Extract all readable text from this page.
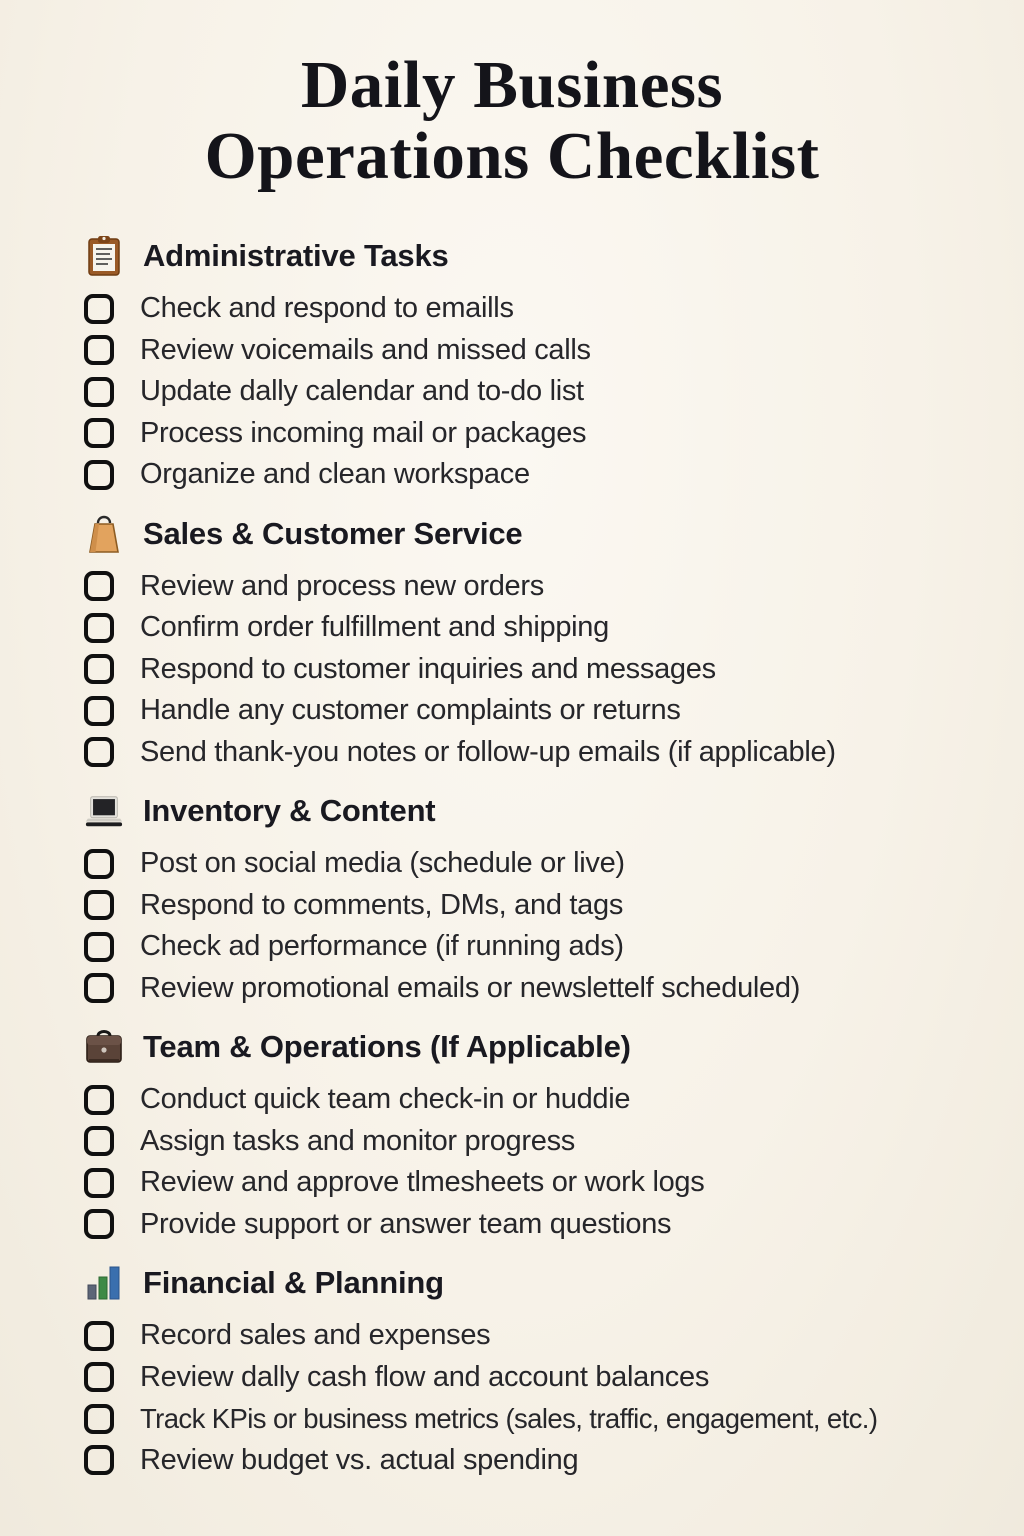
Daily Business
Operations Checklist
Administrative Tasks
Check and respond to emaills
Review voicemails and missed calls
Update dally calendar and to-do list
Process incoming mail or packages
Organize and clean workspace
Sales & Customer Service
Review and process new orders
Confirm order fulfillment and shipping
Respond to customer inquiries and messages
Handle any customer complaints or returns
Send thank-you notes or follow-up emails (if applicable)
Inventory & Content
Post on social media (schedule or live)
Respond to comments, DMs, and tags
Check ad performance (if running ads)
Review promotional emails or newslettelf scheduled)
Team & Operations (If Applicable)
Conduct quick team check-in or huddie
Assign tasks and monitor progress
Review and approve tlmesheets or work logs
Provide support or answer team questions
Financial & Planning
Record sales and expenses
Review dally cash flow and account balances
Track KPis or business metrics (sales, traffic, engagement, etc.)
Review budget vs. actual spending
